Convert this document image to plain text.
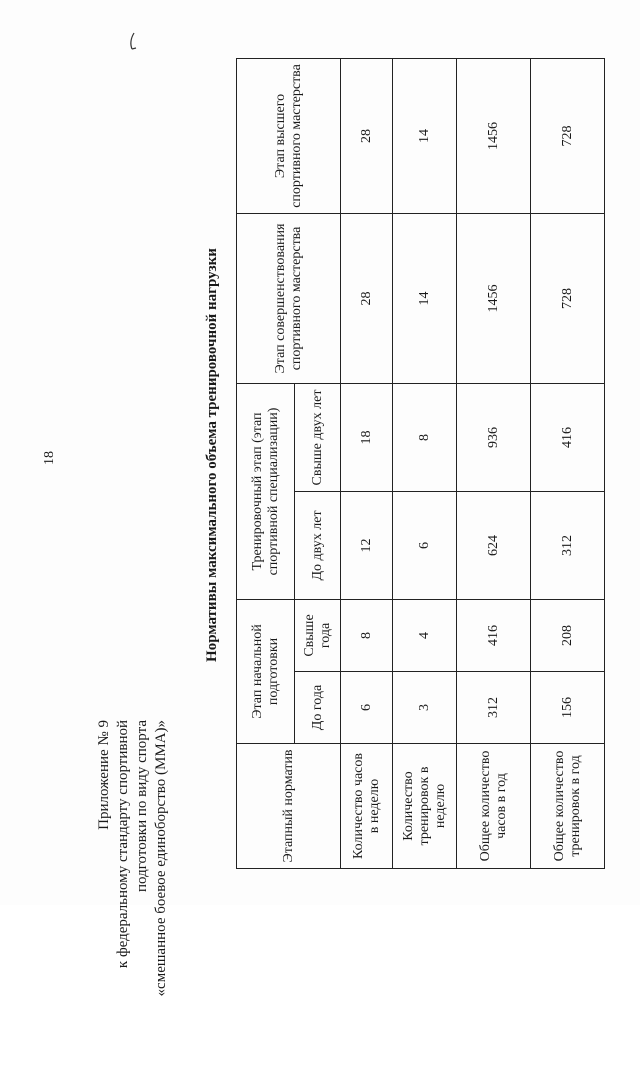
18
Приложение № 9 к федеральному стандарту спортивной подготовки по виду спорта «смешанное боевое единоборство (ММА)»
Нормативы максимального объема тренировочной нагрузки
Этапный норматив	Этап начальной подготовки		Тренировочный этап (этап спортивной специализации)		Этап совершенствования спортивного мастерства	Этап высшего спортивного мастерства
	До года	Свыше года	До двух лет	Свыше двух лет		
Количество часов в неделю	6	8	12	18	28	28
Количество тренировок в неделю	3	4	6	8	14	14
Общее количество часов в год	312	416	624	936	1456	1456
Общее количество тренировок в год	156	208	312	416	728	728
